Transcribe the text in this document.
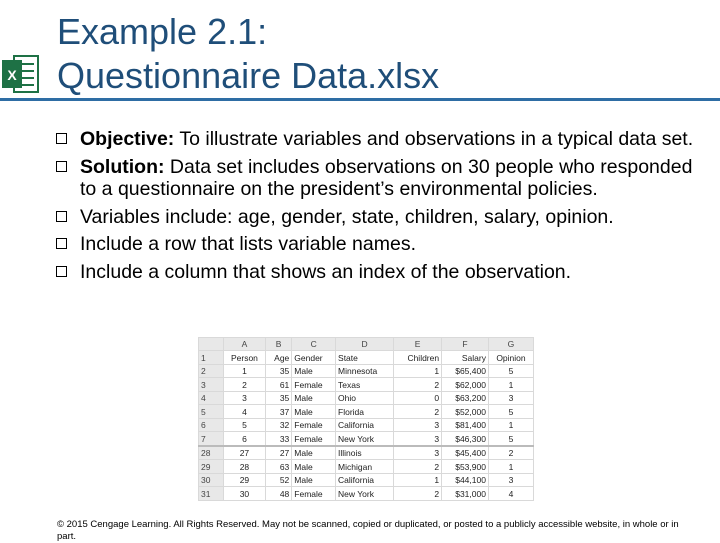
X
Example 2.1:
Questionnaire Data.xlsx
Objective: To illustrate variables and observations in a typical data set.
Solution: Data set includes observations on 30 people who responded to a questionnaire on the president’s environmental policies.
Variables include: age, gender, state, children, salary, opinion.
Include a row that lists variable names.
Include a column that shows an index of the observation.
	A	B	C	D	E	F	G
1	Person	Age	Gender	State	Children	Salary	Opinion
2	1	35	Male	Minnesota	1	$65,400	5
3	2	61	Female	Texas	2	$62,000	1
4	3	35	Male	Ohio	0	$63,200	3
5	4	37	Male	Florida	2	$52,000	5
6	5	32	Female	California	3	$81,400	1
7	6	33	Female	New York	3	$46,300	5
28	27	27	Male	Illinois	3	$45,400	2
29	28	63	Male	Michigan	2	$53,900	1
30	29	52	Male	California	1	$44,100	3
31	30	48	Female	New York	2	$31,000	4

© 2015 Cengage Learning. All Rights Reserved. May not be scanned, copied or duplicated, or posted to a publicly accessible website, in whole or in part.
